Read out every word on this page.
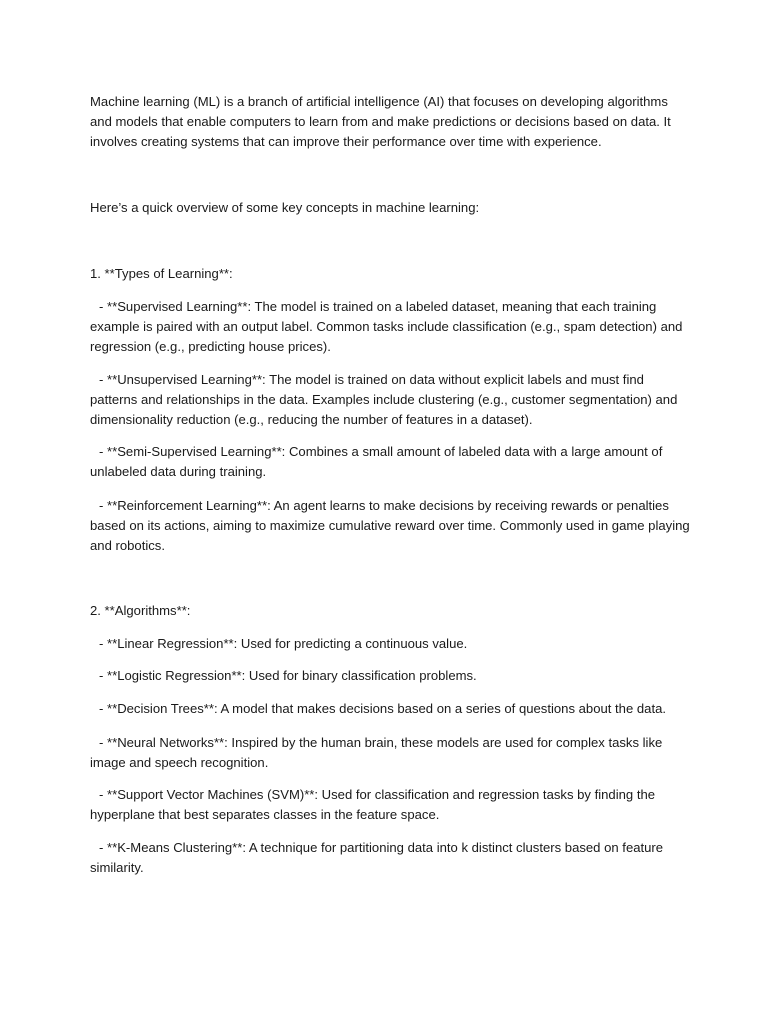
Machine learning (ML) is a branch of artificial intelligence (AI) that focuses on developing algorithms and models that enable computers to learn from and make predictions or decisions based on data. It involves creating systems that can improve their performance over time with experience.

Here’s a quick overview of some key concepts in machine learning:

1. **Types of Learning**:

- **Supervised Learning**: The model is trained on a labeled dataset, meaning that each training example is paired with an output label. Common tasks include classification (e.g., spam detection) and regression (e.g., predicting house prices).

- **Unsupervised Learning**: The model is trained on data without explicit labels and must find patterns and relationships in the data. Examples include clustering (e.g., customer segmentation) and dimensionality reduction (e.g., reducing the number of features in a dataset).

- **Semi-Supervised Learning**: Combines a small amount of labeled data with a large amount of unlabeled data during training.

- **Reinforcement Learning**: An agent learns to make decisions by receiving rewards or penalties based on its actions, aiming to maximize cumulative reward over time. Commonly used in game playing and robotics.

2. **Algorithms**:

- **Linear Regression**: Used for predicting a continuous value.

- **Logistic Regression**: Used for binary classification problems.

- **Decision Trees**: A model that makes decisions based on a series of questions about the data.

- **Neural Networks**: Inspired by the human brain, these models are used for complex tasks like image and speech recognition.

- **Support Vector Machines (SVM)**: Used for classification and regression tasks by finding the hyperplane that best separates classes in the feature space.

- **K-Means Clustering**: A technique for partitioning data into k distinct clusters based on feature similarity.
